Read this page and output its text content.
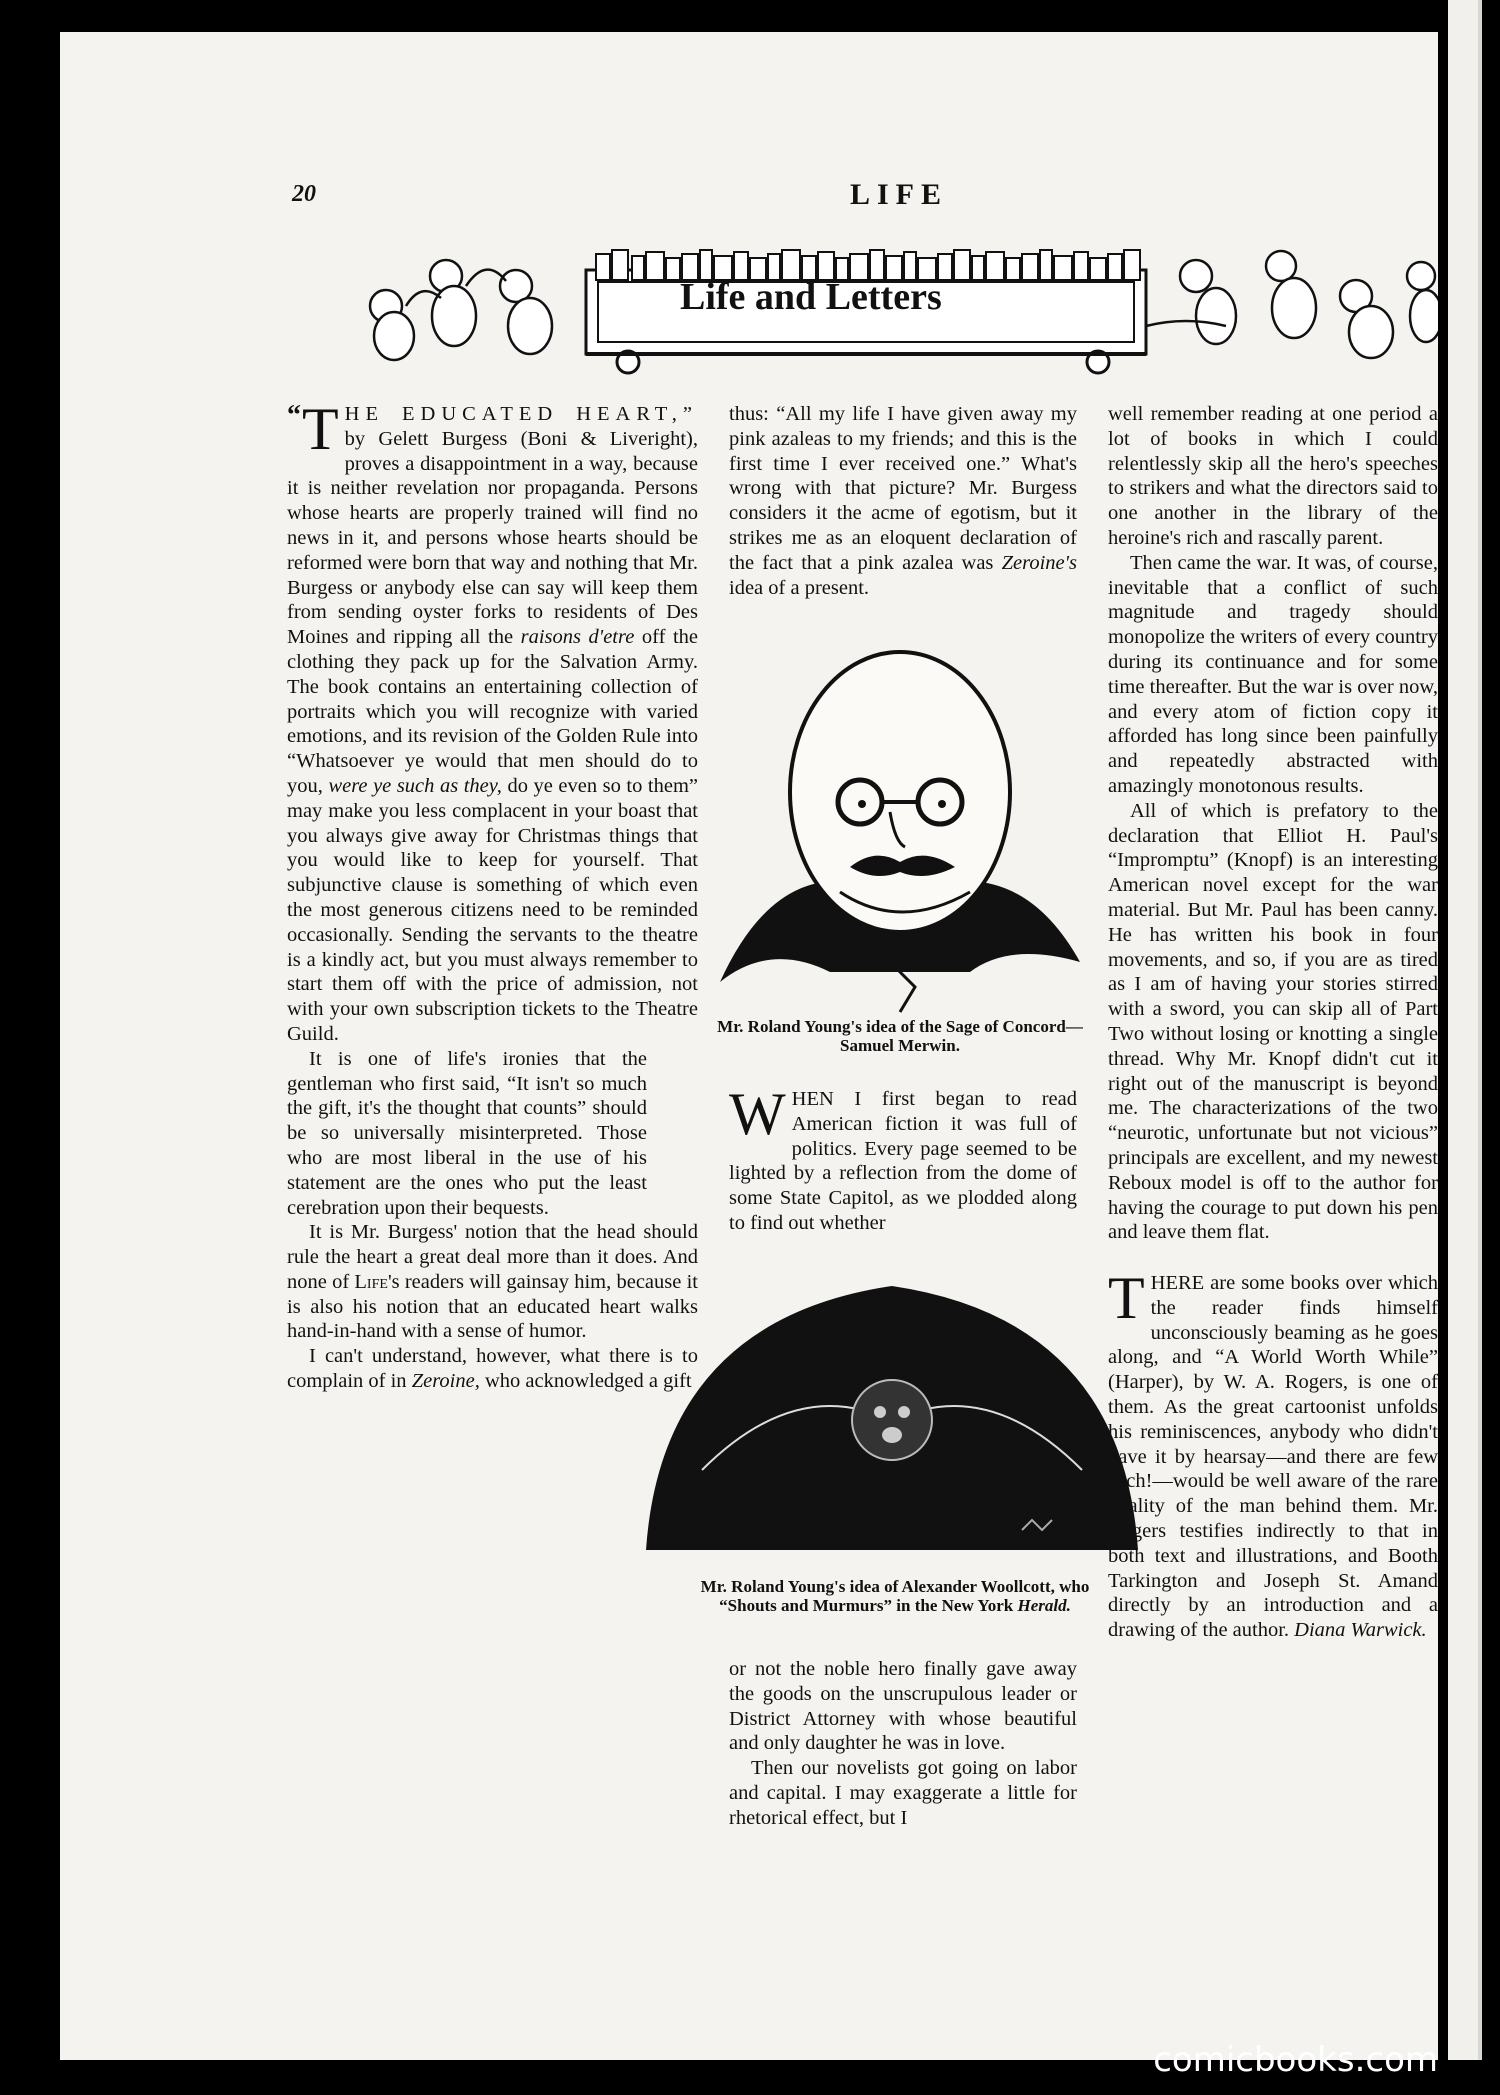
20	LIFE
Life and Letters

“ T HE EDUCATED HEART,” by Gelett Burgess (Boni & Liveright), proves a disappointment in a way, because it is neither revelation nor propaganda. Persons whose hearts are properly trained will find no news in it, and persons whose hearts should be reformed were born that way and nothing that Mr. Burgess or anybody else can say will keep them from sending oyster forks to residents of Des Moines and ripping all the raisons d'etre off the clothing they pack up for the Salvation Army. The book contains an entertaining collection of portraits which you will recognize with varied emotions, and its revision of the Golden Rule into “Whatsoever ye would that men should do to you, were ye such as they, do ye even so to them” may make you less complacent in your boast that you always give away for Christmas things that you would like to keep for yourself. That subjunctive clause is something of which even the most generous citizens need to be reminded occasionally. Sending the servants to the theatre is a kindly act, but you must always remember to start them off with the price of admission, not with your own subscription tickets to the Theatre Guild.

It is one of life's ironies that the gentleman who first said, “It isn't so much the gift, it's the thought that counts” should be so universally misinterpreted. Those who are most liberal in the use of his statement are the ones who put the least cerebration upon their bequests.

It is Mr. Burgess' notion that the head should rule the heart a great deal more than it does. And none of Life's readers will gainsay him, because it is also his notion that an educated heart walks hand-in-hand with a sense of humor.

I can't understand, however, what there is to complain of in Zeroine, who acknowledged a gift

thus: “All my life I have given away my pink azaleas to my friends; and this is the first time I ever received one.” What's wrong with that picture? Mr. Burgess considers it the acme of egotism, but it strikes me as an eloquent declaration of the fact that a pink azalea was Zeroine's idea of a present.

Mr. Roland Young's idea of the Sage of Concord—Samuel Merwin.

WHEN I first began to read American fiction it was full of politics. Every page seemed to be lighted by a reflection from the dome of some State Capitol, as we plodded along to find out whether

Mr. Roland Young's idea of Alexander Woollcott, who “Shouts and Murmurs” in the New York Herald.

or not the noble hero finally gave away the goods on the unscrupulous leader or District Attorney with whose beautiful and only daughter he was in love.

Then our novelists got going on labor and capital. I may exaggerate a little for rhetorical effect, but I

well remember reading at one period a lot of books in which I could relentlessly skip all the hero's speeches to strikers and what the directors said to one another in the library of the heroine's rich and rascally parent.

Then came the war. It was, of course, inevitable that a conflict of such magnitude and tragedy should monopolize the writers of every country during its continuance and for some time thereafter. But the war is over now, and every atom of fiction copy it afforded has long since been painfully and repeatedly abstracted with amazingly monotonous results.

All of which is prefatory to the declaration that Elliot H. Paul's “Impromptu” (Knopf) is an interesting American novel except for the war material. But Mr. Paul has been canny. He has written his book in four movements, and so, if you are as tired as I am of having your stories stirred with a sword, you can skip all of Part Two without losing or knotting a single thread. Why Mr. Knopf didn't cut it right out of the manuscript is beyond me. The characterizations of the two “neurotic, unfortunate but not vicious” principals are excellent, and my newest Reboux model is off to the author for having the courage to put down his pen and leave them flat.

THERE are some books over which the reader finds himself unconsciously beaming as he goes along, and “A World Worth While” (Harper), by W. A. Rogers, is one of them. As the great cartoonist unfolds his reminiscences, anybody who didn't have it by hearsay—and there are few such!—would be well aware of the rare quality of the man behind them. Mr. Rogers testifies indirectly to that in both text and illustrations, and Booth Tarkington and Joseph St. Amand directly by an introduction and a drawing of the author. Diana Warwick.

comicbooks.com
